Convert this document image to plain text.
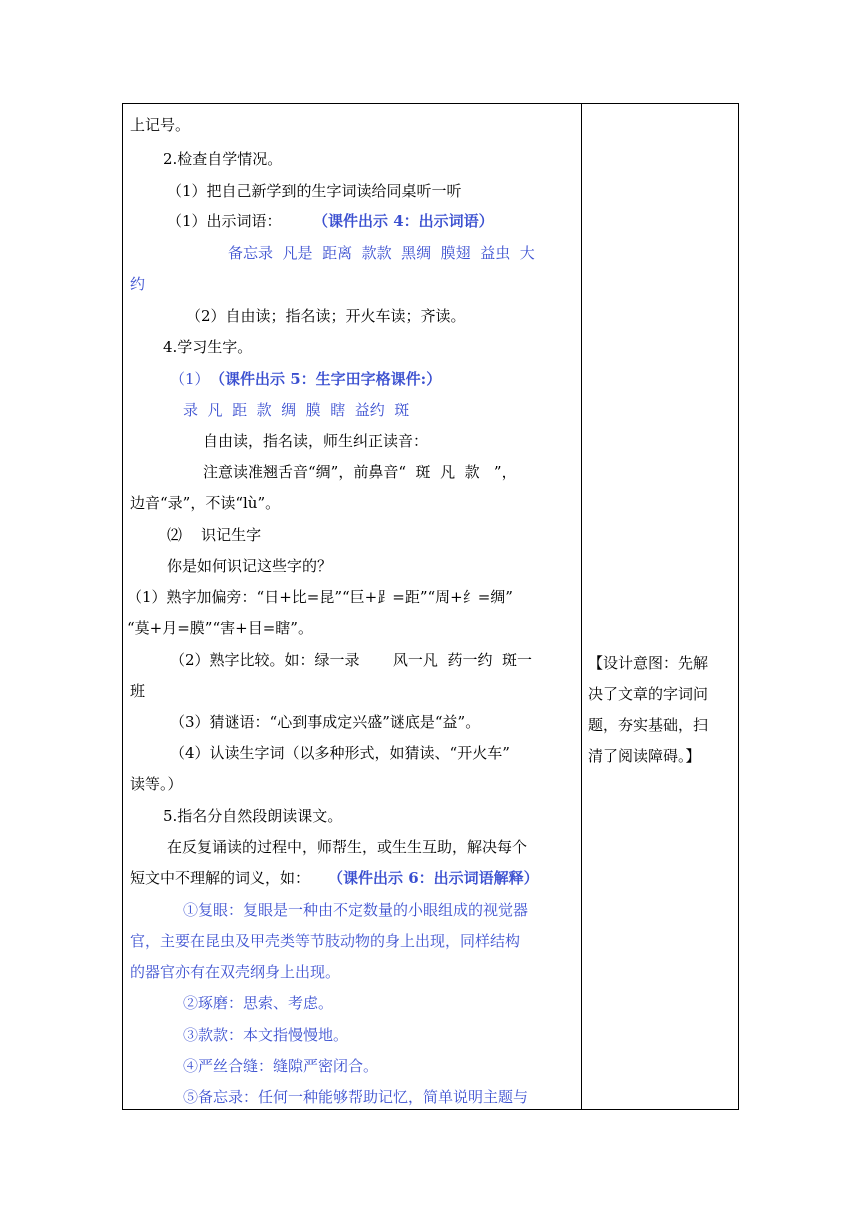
上记号。
2.检查自学情况。
（1）把自己新学到的生字词读给同桌听一听
（1）出示词语： （课件出示 4：出示词语）
备忘录  凡是  距离  款款  黑绸  膜翅  益虫  大
约
（2）自由读；指名读；开火车读；齐读。
4.学习生字。
（1） （课件出示 5：生字田字格课件:）
录  凡  距  款  绸  膜  瞎  益约  斑
自由读，指名读，师生纠正读音：
注意读准翘舌音“绸”，前鼻音“  斑  凡  款   ”，
边音“录”，不读“lù”。
⑵    识记生字
你是如何识记这些字的？
（1）熟字加偏旁：“日+比=昆”“巨+⻊=距”“周+纟=绸”
“莫+月=膜”“害+目=瞎”。
（2）熟字比较。如：绿一录       风一凡  药一约  斑一
班
（3）猜谜语：“心到事成定兴盛”谜底是“益”。
（4）认读生字词（以多种形式，如猜读、“开火车”
读等。）
5.指名分自然段朗读课文。
在反复诵读的过程中，师帮生，或生生互助，解决每个
短文中不理解的词义，如： （课件出示 6：出示词语解释）
①复眼：复眼是一种由不定数量的小眼组成的视觉器
官，主要在昆虫及甲壳类等节肢动物的身上出现，同样结构
的器官亦有在双壳纲身上出现。
②琢磨：思索、考虑。
③款款：本文指慢慢地。
④严丝合缝：缝隙严密闭合。
⑤备忘录：任何一种能够帮助记忆，简单说明主题与
【设计意图：先解
决了文章的字词问
题，夯实基础，扫
清了阅读障碍。】
